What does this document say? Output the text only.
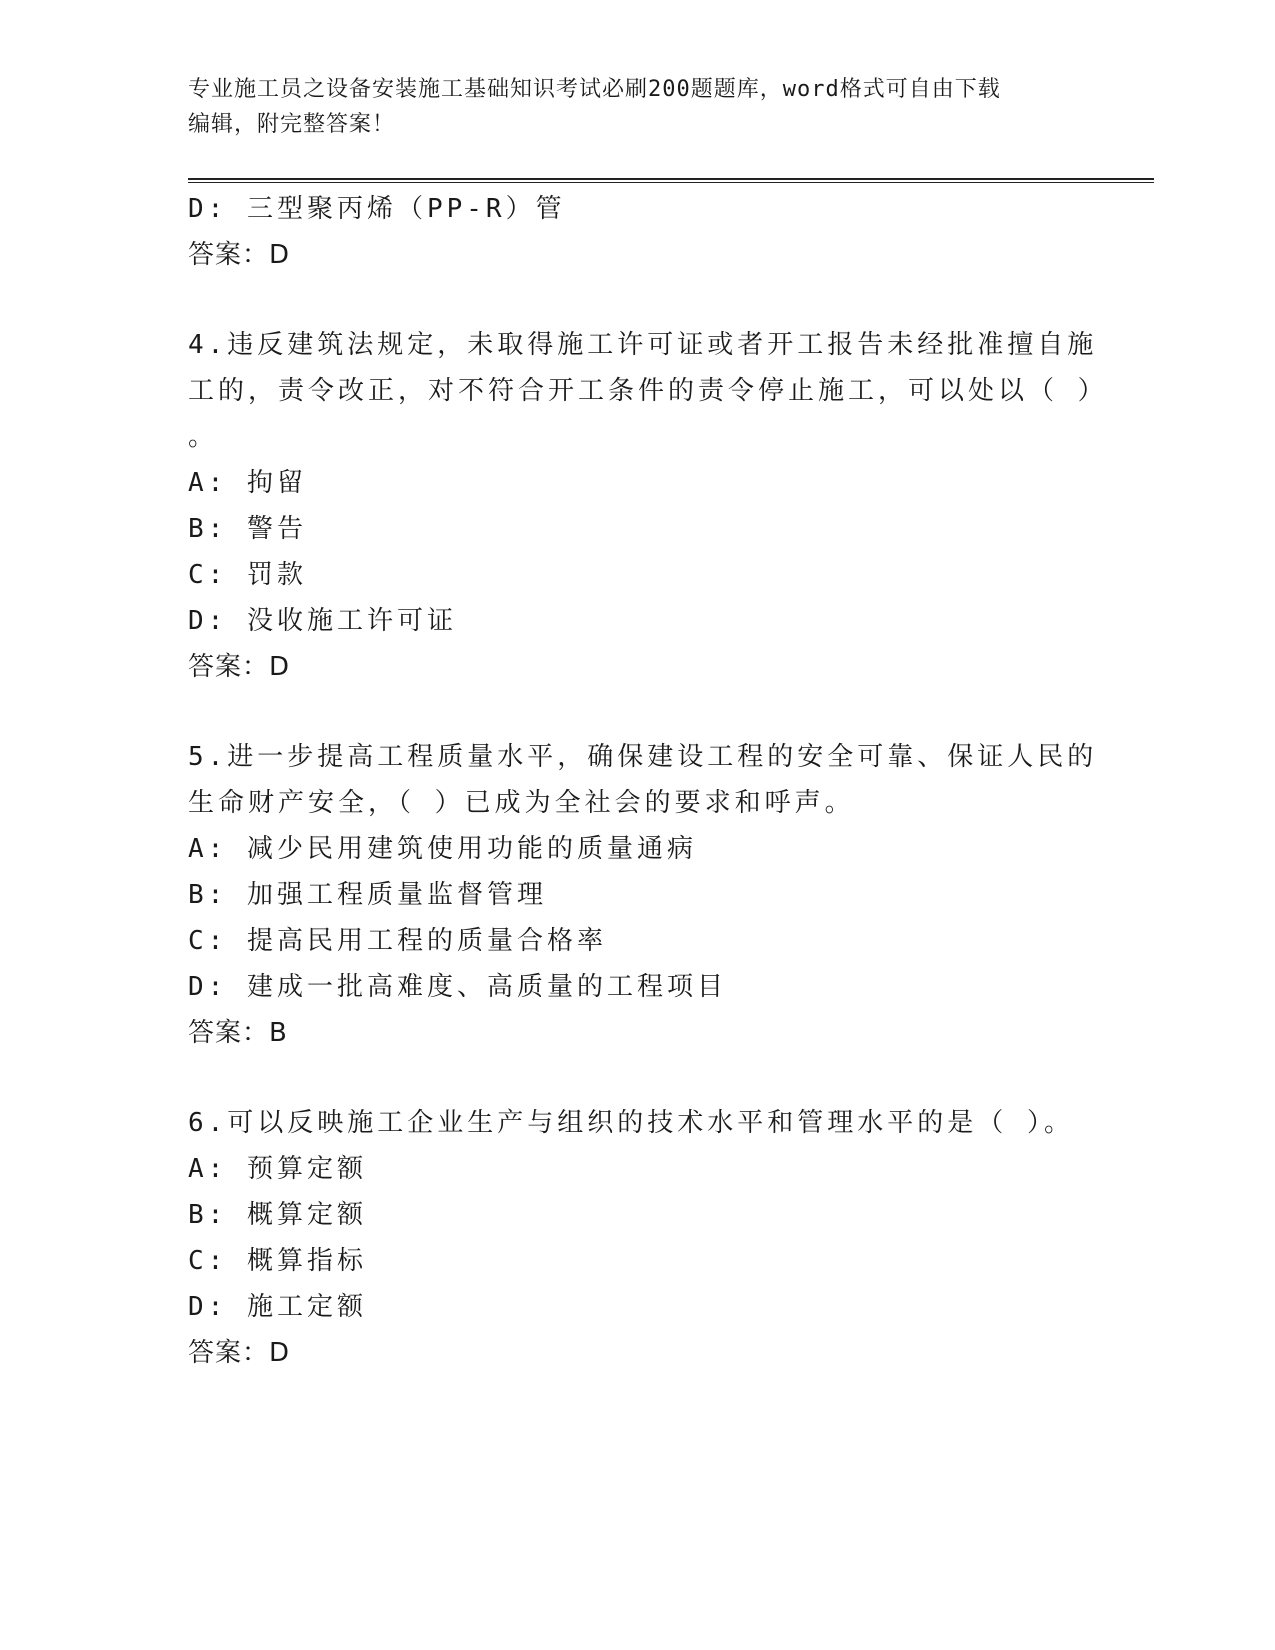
专业施工员之设备安装施工基础知识考试必刷200题题库，word格式可自由下载
编辑，附完整答案！
D: 三型聚丙烯（PP-R）管
答案：D
4.违反建筑法规定，未取得施工许可证或者开工报告未经批准擅自施
工的，责令改正，对不符合开工条件的责令停止施工，可以处以（ ）
。
A: 拘留
B: 警告
C: 罚款
D: 没收施工许可证
答案：D
5.进一步提高工程质量水平，确保建设工程的安全可靠、保证人民的
生命财产安全，（ ）已成为全社会的要求和呼声。
A: 减少民用建筑使用功能的质量通病
B: 加强工程质量监督管理
C: 提高民用工程的质量合格率
D: 建成一批高难度、高质量的工程项目
答案：B
6.可以反映施工企业生产与组织的技术水平和管理水平的是（ ）。
A: 预算定额
B: 概算定额
C: 概算指标
D: 施工定额
答案：D
